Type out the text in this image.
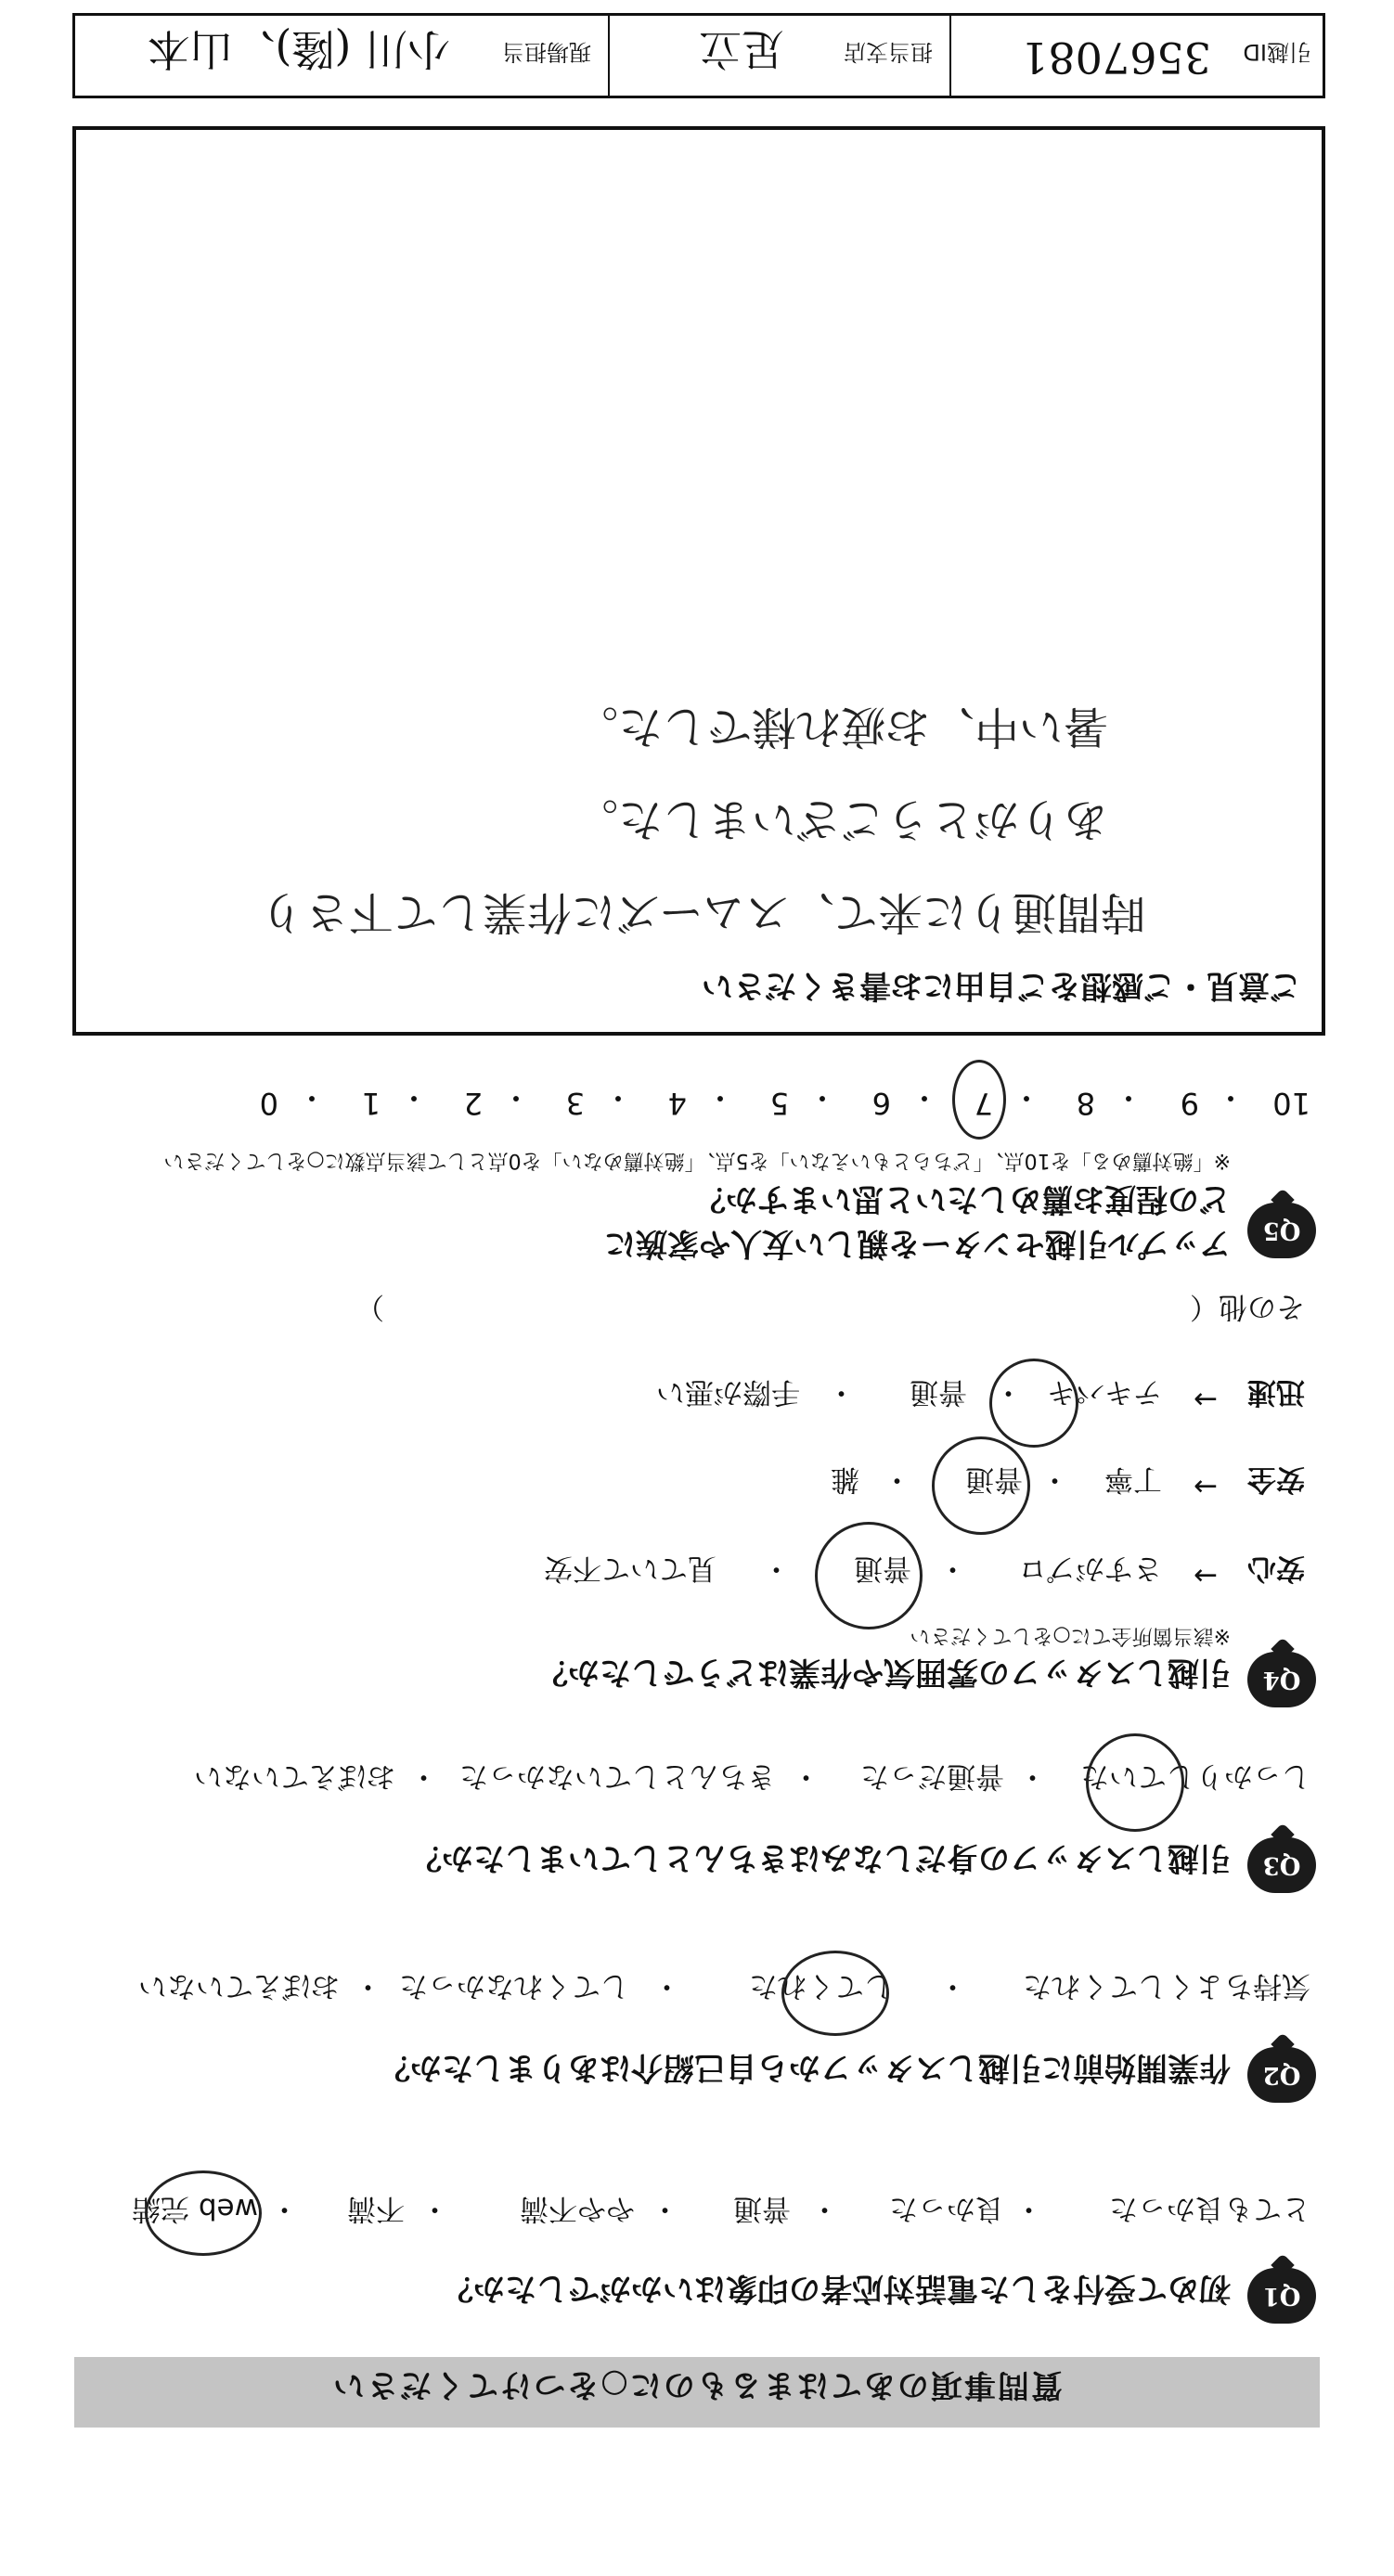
質問事項のあてはまるものに○をつけてください
Q1
初めて受付をした電話対応者の印象はいかがでしたか？
とても良かった
・
良かった
・
普通
・
やや不満
・
不満
・
web 完結
Q2
作業開始前に引越しスタッフから自己紹介はありましたか？
気持ちよくしてくれた
・
してくれた
・
してくれなかった
・
おぼえていない
Q3
引越しスタッフの身だしなみはきちんとしていましたか？
しっかりしていた
・
普通だった
・
きちんとしていなかった
・
おぼえていない
Q4
引越しスタッフの雰囲気や作業はどうでしたか？
※該当箇所全てに○をしてください
安心
→
さすがプロ
・
普通
・
見ていて不安
安全
→
丁寧
・
普通
・
雑
迅速
→
テキパキ
・
普通
・
手際が悪い
その他（　　　　　　　　　　　　　　　　　　　　　　　　　　　　）
Q5
アップル引越センターを親しい友人や家族に
どの程度お薦めしたいと思いますか？
※「絶対薦める」を10点、「どちらともいえない」を5点、「絶対薦めない」を0点として該当点数に○をしてください
10
9
8
7
6
5
4
3
2
1
0	・
・
・
・
・
・
・
・
・
・
ご意見・ご感想をご自由にお書きください
時間通りに来て、スムーズに作業して下さり
ありがとうございました。
暑い中、お疲れ様でした。
引越ID
3567081
担当支店
足立
現場担当
小川 (隆)、山本
